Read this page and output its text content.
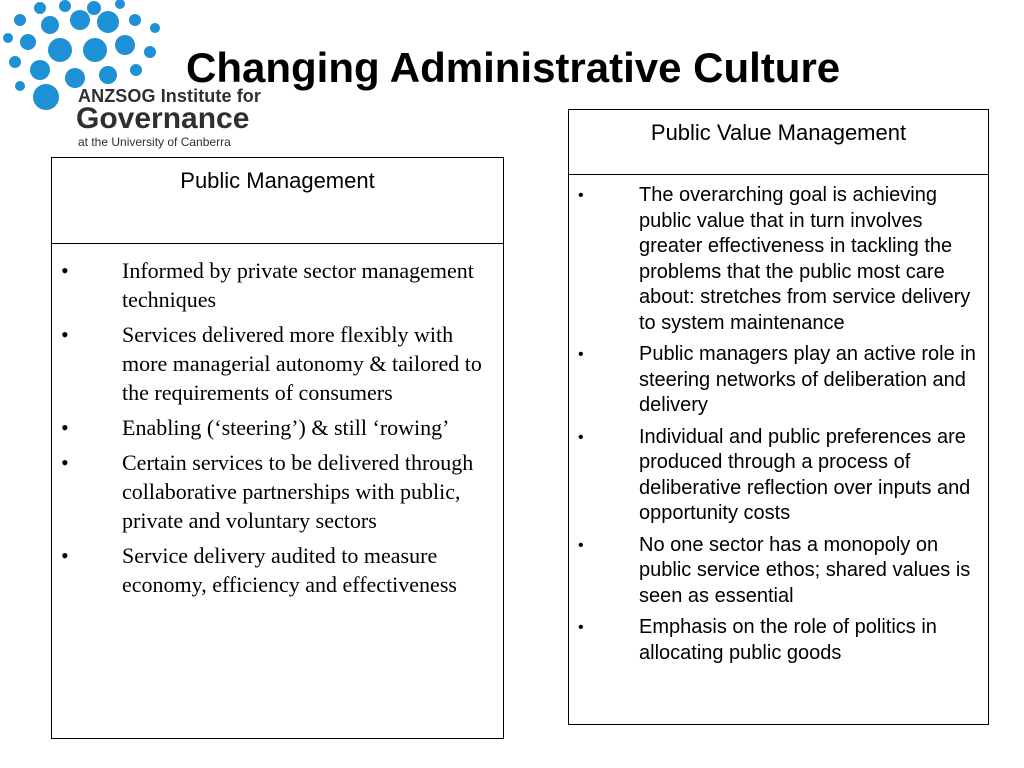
ANZSOG Institute for
Governance
at the University of Canberra
Changing Administrative Culture
Public Management
• Informed by private sector management techniques
• Services delivered more flexibly with more managerial autonomy & tailored to the requirements of consumers
• Enabling (‘steering’) & still ‘rowing’
• Certain services to be delivered through collaborative partnerships with public, private and voluntary sectors
• Service delivery audited to measure economy, efficiency and effectiveness
Public Value Management
•	The overarching goal is achieving public value that in turn involves greater effectiveness in tackling the problems that the public most care about: stretches from service delivery to system maintenance
•	Public managers play an active role in steering networks of deliberation and delivery
•	Individual and public preferences are produced through a process of deliberative reflection over inputs and opportunity costs
•	No one sector has a monopoly on public service ethos; shared values is seen as essential
•	Emphasis on the role of politics in allocating public goods
